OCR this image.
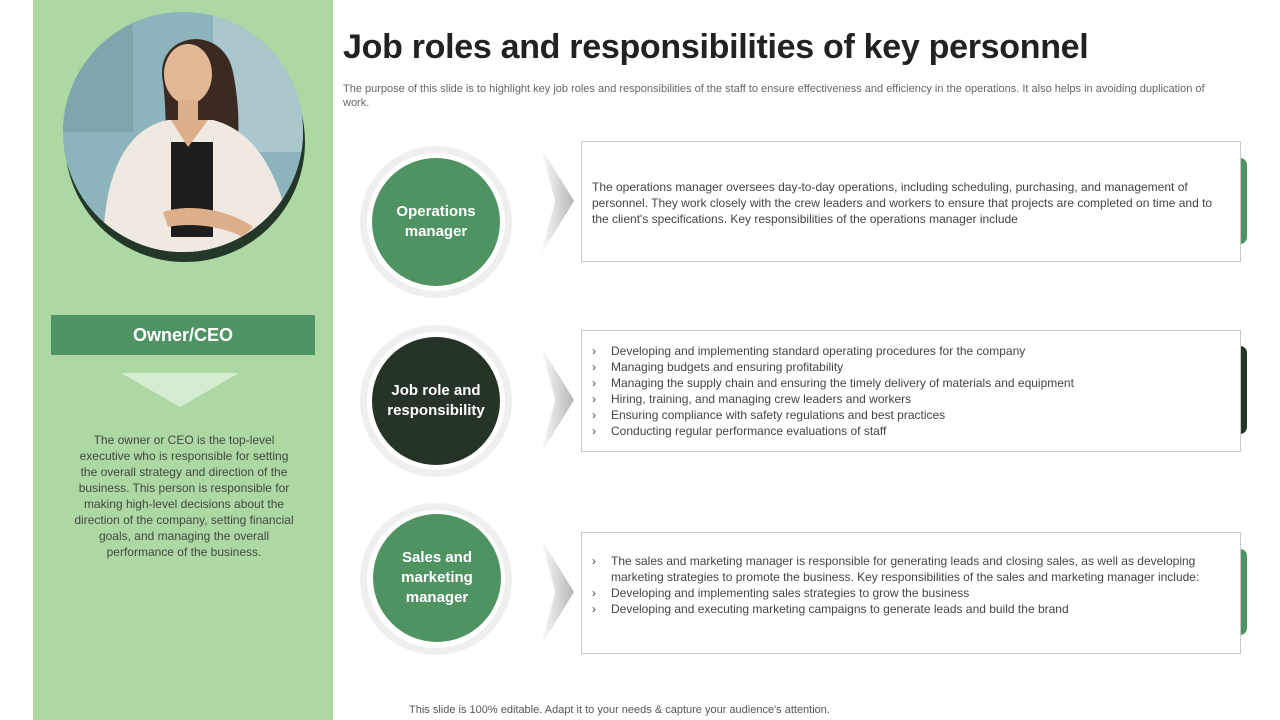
Owner/CEO
The owner or CEO is the top-level executive who is responsible for setting the overall strategy and direction of the business. This person is responsible for making high-level decisions about the direction of the company, setting financial goals, and managing the overall performance of the business.
Job roles and responsibilities of key personnel
The purpose of this slide is to highlight key job roles and responsibilities of the staff to ensure effectiveness and efficiency in the operations. It also helps in avoiding duplication of work.
Operations manager

The operations manager oversees day-to-day operations, including scheduling, purchasing, and management of personnel. They work closely with the crew leaders and workers to ensure that projects are completed on time and to the client's specifications. Key responsibilities of the operations manager include

Job role and responsibility
› Developing and implementing standard operating procedures for the company
› Managing budgets and ensuring profitability
› Managing the supply chain and ensuring the timely delivery of materials and equipment
› Hiring, training, and managing crew leaders and workers
› Ensuring compliance with safety regulations and best practices
› Conducting regular performance evaluations of staff
Sales and marketing manager
› The sales and marketing manager is responsible for generating leads and closing sales, as well as developing marketing strategies to promote the business. Key responsibilities of the sales and marketing manager include:
› Developing and implementing sales strategies to grow the business
› Developing and executing marketing campaigns to generate leads and build the brand
This slide is 100% editable. Adapt it to your needs & capture your audience's attention.
